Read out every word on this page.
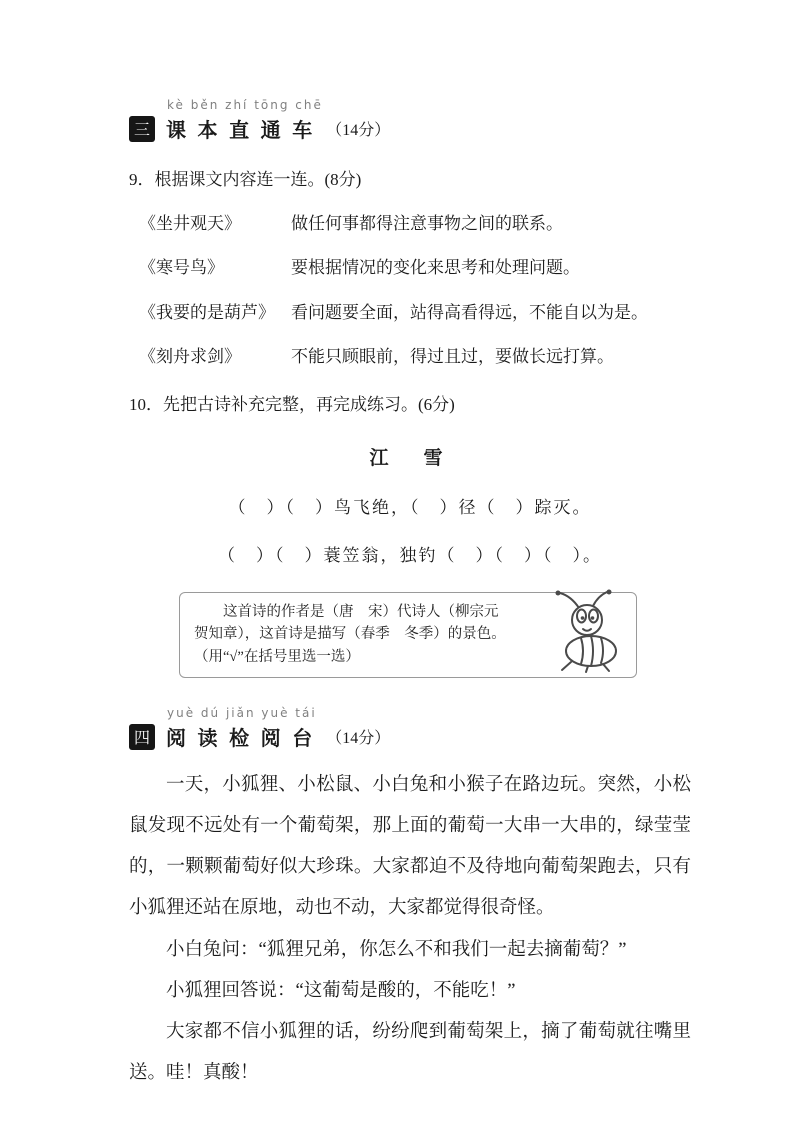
kè běn zhí tōng chē
三 课 本 直 通 车 （14分）
9．根据课文内容连一连。(8分)
《坐井观天》	做任何事都得注意事物之间的联系。
《寒号鸟》	要根据情况的变化来思考和处理问题。
《我要的是葫芦》 看问题要全面，站得高看得远，不能自以为是。
《刻舟求剑》	不能只顾眼前，得过且过，要做长远打算。
10．先把古诗补充完整，再完成练习。(6分)
江　雪
（　）（　）鸟飞绝，（　）径（　）踪灭。
（　）（　）蓑笠翁，独钓（　）（　）（　）。
这首诗的作者是（唐　宋）代诗人（柳宗元
贺知章），这首诗是描写（春季　冬季）的景色。
（用“√”在括号里选一选）
yuè dú jiǎn yuè tái
四 阅 读 检 阅 台 （14分）

一天，小狐狸、小松鼠、小白兔和小猴子在路边玩。突然，小松鼠发现不远处有一个葡萄架，那上面的葡萄一大串一大串的，绿莹莹的，一颗颗葡萄好似大珍珠。大家都迫不及待地向葡萄架跑去，只有小狐狸还站在原地，动也不动，大家都觉得很奇怪。

小白兔问：“狐狸兄弟，你怎么不和我们一起去摘葡萄？”

小狐狸回答说：“这葡萄是酸的，不能吃！”

大家都不信小狐狸的话，纷纷爬到葡萄架上，摘了葡萄就往嘴里送。哇！真酸！
